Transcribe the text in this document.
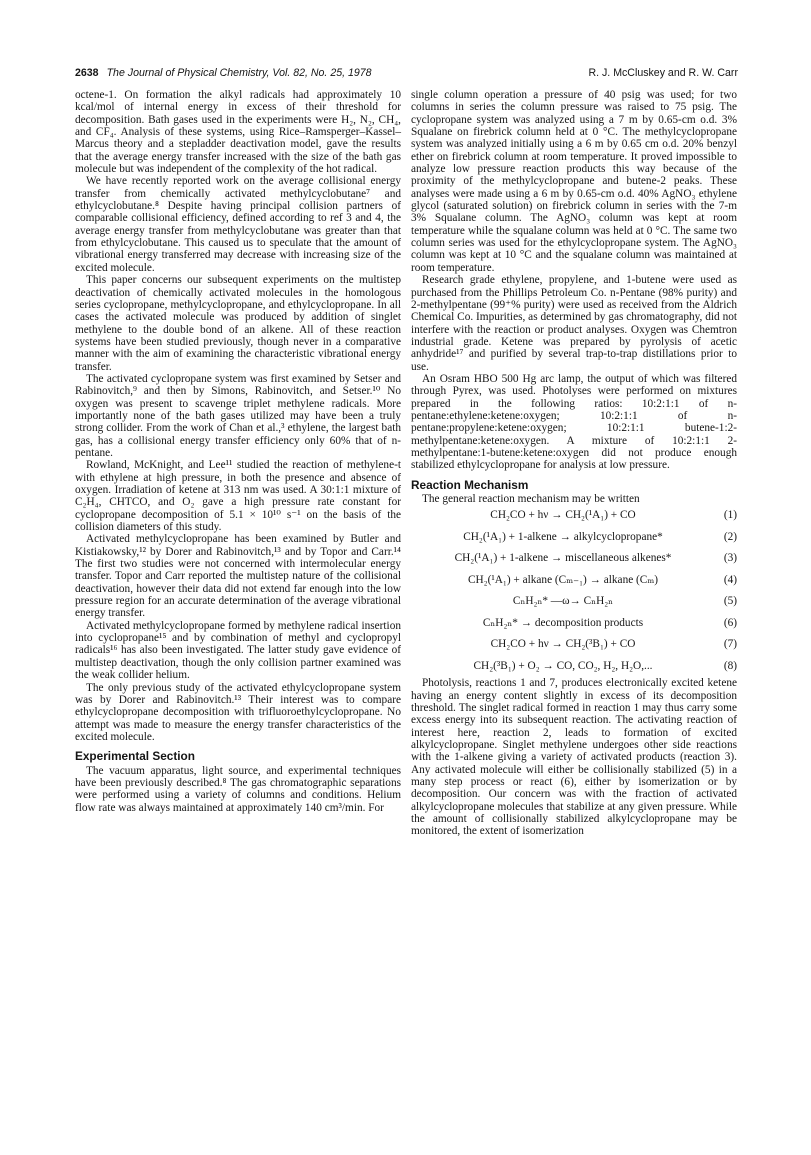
2638 The Journal of Physical Chemistry, Vol. 82, No. 25, 1978	R. J. McCluskey and R. W. Carr

octene-1. On formation the alkyl radicals had approximately 10 kcal/mol of internal energy in excess of their threshold for decomposition. Bath gases used in the experiments were H₂, N₂, CH₄, and CF₄. Analysis of these systems, using Rice–Ramsperger–Kassel–Marcus theory and a stepladder deactivation model, gave the results that the average energy transfer increased with the size of the bath gas molecule but was independent of the complexity of the hot radical.

We have recently reported work on the average collisional energy transfer from chemically activated methylcyclobutane⁷ and ethylcyclobutane.⁸ Despite having principal collision partners of comparable collisional efficiency, defined according to ref 3 and 4, the average energy transfer from methylcyclobutane was greater than that from ethylcyclobutane. This caused us to speculate that the amount of vibrational energy transferred may decrease with increasing size of the excited molecule.

This paper concerns our subsequent experiments on the multistep deactivation of chemically activated molecules in the homologous series cyclopropane, methylcyclopropane, and ethylcyclopropane. In all cases the activated molecule was produced by addition of singlet methylene to the double bond of an alkene. All of these reaction systems have been studied previously, though never in a comparative manner with the aim of examining the characteristic vibrational energy transfer.

The activated cyclopropane system was first examined by Setser and Rabinovitch,⁹ and then by Simons, Rabinovitch, and Setser.¹⁰ No oxygen was present to scavenge triplet methylene radicals. More importantly none of the bath gases utilized may have been a truly strong collider. From the work of Chan et al.,³ ethylene, the largest bath gas, has a collisional energy transfer efficiency only 60% that of n-pentane.

Rowland, McKnight, and Lee¹¹ studied the reaction of methylene-t with ethylene at high pressure, in both the presence and absence of oxygen. Irradiation of ketene at 313 nm was used. A 30:1:1 mixture of C₂H₄, CHTCO, and O₂ gave a high pressure rate constant for cyclopropane decomposition of 5.1 × 10¹⁰ s⁻¹ on the basis of the collision diameters of this study.

Activated methylcyclopropane has been examined by Butler and Kistiakowsky,¹² by Dorer and Rabinovitch,¹³ and by Topor and Carr.¹⁴ The first two studies were not concerned with intermolecular energy transfer. Topor and Carr reported the multistep nature of the collisional deactivation, however their data did not extend far enough into the low pressure region for an accurate determination of the average vibrational energy transfer.

Activated methylcyclopropane formed by methylene radical insertion into cyclopropane¹⁵ and by combination of methyl and cyclopropyl radicals¹⁶ has also been investigated. The latter study gave evidence of multistep deactivation, though the only collision partner examined was the weak collider helium.

The only previous study of the activated ethylcyclopropane system was by Dorer and Rabinovitch.¹³ Their interest was to compare ethylcyclopropane decomposition with trifluoroethylcyclopropane. No attempt was made to measure the energy transfer characteristics of the excited molecule.

Experimental Section

The vacuum apparatus, light source, and experimental techniques have been previously described.⁸ The gas chromatographic separations were performed using a variety of columns and conditions. Helium flow rate was always maintained at approximately 140 cm³/min. For

single column operation a pressure of 40 psig was used; for two columns in series the column pressure was raised to 75 psig. The cyclopropane system was analyzed using a 7 m by 0.65-cm o.d. 3% Squalane on firebrick column held at 0 °C. The methylcyclopropane system was analyzed initially using a 6 m by 0.65 cm o.d. 20% benzyl ether on firebrick column at room temperature. It proved impossible to analyze low pressure reaction products this way because of the proximity of the methylcyclopropane and butene-2 peaks. These analyses were made using a 6 m by 0.65-cm o.d. 40% AgNO₃ ethylene glycol (saturated solution) on firebrick column in series with the 7-m 3% Squalane column. The AgNO₃ column was kept at room temperature while the squalane column was held at 0 °C. The same two column series was used for the ethylcyclopropane system. The AgNO₃ column was kept at 10 °C and the squalane column was maintained at room temperature.

Research grade ethylene, propylene, and 1-butene were used as purchased from the Phillips Petroleum Co. n-Pentane (98% purity) and 2-methylpentane (99⁺% purity) were used as received from the Aldrich Chemical Co. Impurities, as determined by gas chromatography, did not interfere with the reaction or product analyses. Oxygen was Chemtron industrial grade. Ketene was prepared by pyrolysis of acetic anhydride¹⁷ and purified by several trap-to-trap distillations prior to use.

An Osram HBO 500 Hg arc lamp, the output of which was filtered through Pyrex, was used. Photolyses were performed on mixtures prepared in the following ratios: 10:2:1:1 of n-pentane:ethylene:ketene:oxygen; 10:2:1:1 of n-pentane:propylene:ketene:oxygen; 10:2:1:1 butene-1:2-methylpentane:ketene:oxygen. A mixture of 10:2:1:1 2-methylpentane:1-butene:ketene:oxygen did not produce enough stabilized ethylcyclopropane for analysis at low pressure.

Reaction Mechanism

The general reaction mechanism may be written

CH₂CO + hν → CH₂(¹A₁) + CO	(1)
CH₂(¹A₁) + 1-alkene → alkylcyclopropane*	(2)
CH₂(¹A₁) + 1-alkene → miscellaneous alkenes*	(3)
CH₂(¹A₁) + alkane (Cₘ₋₁) → alkane (Cₘ)	(4)
CₙH₂ₙ* —ω→ CₙH₂ₙ	(5)
CₙH₂ₙ* → decomposition products	(6)
CH₂CO + hν → CH₂(³B₁) + CO	(7)
CH₂(³B₁) + O₂ → CO, CO₂, H₂, H₂O,...	(8)

Photolysis, reactions 1 and 7, produces electronically excited ketene having an energy content slightly in excess of its decomposition threshold. The singlet radical formed in reaction 1 may thus carry some excess energy into its subsequent reaction. The activating reaction of interest here, reaction 2, leads to formation of excited alkylcyclopropane. Singlet methylene undergoes other side reactions with the 1-alkene giving a variety of activated products (reaction 3). Any activated molecule will either be collisionally stabilized (5) in a many step process or react (6), either by isomerization or by decomposition. Our concern was with the fraction of activated alkylcyclopropane molecules that stabilize at any given pressure. While the amount of collisionally stabilized alkylcyclopropane may be monitored, the extent of isomerization
